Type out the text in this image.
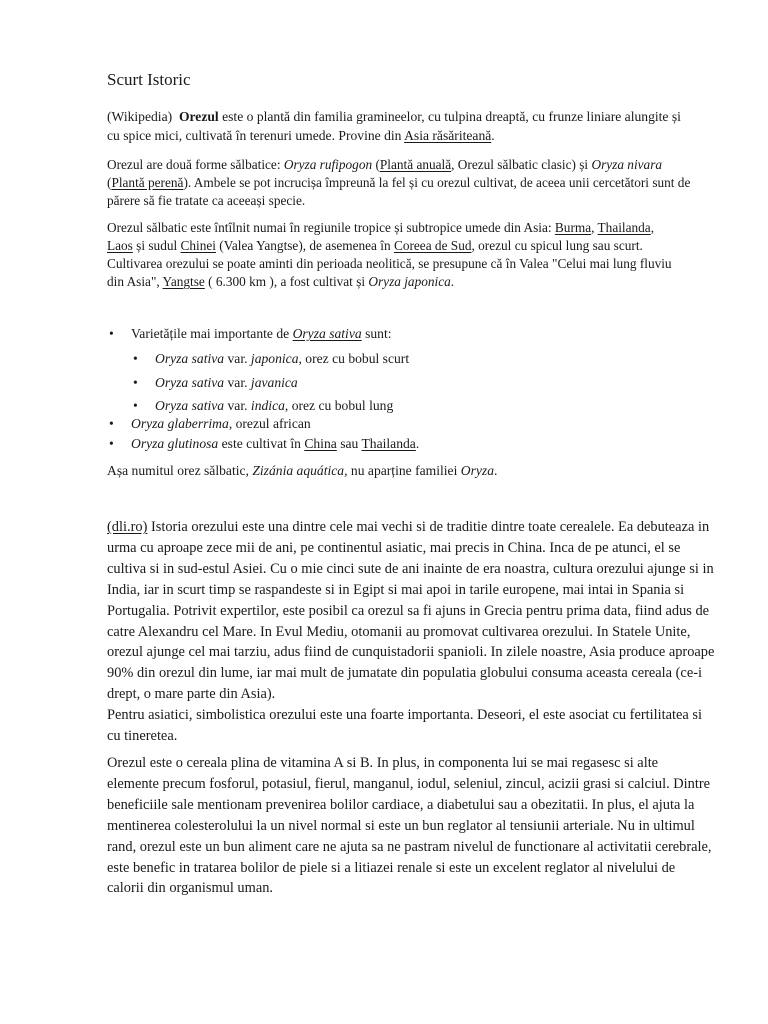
Scurt Istoric

(Wikipedia) Orezul este o plantă din familia gramineelor, cu tulpina dreaptă, cu frunze liniare alungite și cu spice mici, cultivată în terenuri umede. Provine din Asia răsăriteană.

Orezul are două forme sălbatice: Oryza rufipogon (Plantă anuală, Orezul sălbatic clasic) și Oryza nivara (Plantă perenă). Ambele se pot incrucișa împreună la fel și cu orezul cultivat, de aceea unii cercetători sunt de părere să fie tratate ca aceeași specie.

Orezul sălbatic este întîlnit numai în regiunile tropice și subtropice umede din Asia: Burma, Thailanda, Laos și sudul Chinei (Valea Yangtse), de asemenea în Coreea de Sud, orezul cu spicul lung sau scurt. Cultivarea orezului se poate aminti din perioada neolitică, se presupune că în Valea "Celui mai lung fluviu din Asia", Yangtse ( 6.300 km ), a fost cultivat și Oryza japonica.

• Varietățile mai importante de Oryza sativa sunt:
• Oryza sativa var. japonica, orez cu bobul scurt
• Oryza sativa var. javanica
• Oryza sativa var. indica, orez cu bobul lung
• Oryza glaberrima, orezul african
• Oryza glutinosa este cultivat în China sau Thailanda.

Așa numitul orez sălbatic, Zizánia aquática, nu aparține familiei Oryza.

(dli.ro) Istoria orezului este una dintre cele mai vechi si de traditie dintre toate cerealele. Ea debuteaza in urma cu aproape zece mii de ani, pe continentul asiatic, mai precis in China. Inca de pe atunci, el se cultiva si in sud-estul Asiei. Cu o mie cinci sute de ani inainte de era noastra, cultura orezului ajunge si in India, iar in scurt timp se raspandeste si in Egipt si mai apoi in tarile europene, mai intai in Spania si Portugalia. Potrivit expertilor, este posibil ca orezul sa fi ajuns in Grecia pentru prima data, fiind adus de catre Alexandru cel Mare. In Evul Mediu, otomanii au promovat cultivarea orezului. In Statele Unite, orezul ajunge cel mai tarziu, adus fiind de cunquistadorii spanioli. In zilele noastre, Asia produce aproape 90% din orezul din lume, iar mai mult de jumatate din populatia globului consuma aceasta cereala (ce-i drept, o mare parte din Asia).

Pentru asiatici, simbolistica orezului este una foarte importanta. Deseori, el este asociat cu fertilitatea si cu tineretea.

Orezul este o cereala plina de vitamina A si B. In plus, in componenta lui se mai regasesc si alte elemente precum fosforul, potasiul, fierul, manganul, iodul, seleniul, zincul, acizii grasi si calciul. Dintre beneficiile sale mentionam prevenirea bolilor cardiace, a diabetului sau a obezitatii. In plus, el ajuta la mentinerea colesterolului la un nivel normal si este un bun reglator al tensiunii arteriale. Nu in ultimul rand, orezul este un bun aliment care ne ajuta sa ne pastram nivelul de functionare al activitatii cerebrale, este benefic in tratarea bolilor de piele si a litiazei renale si este un excelent reglator al nivelului de calorii din organismul uman.
